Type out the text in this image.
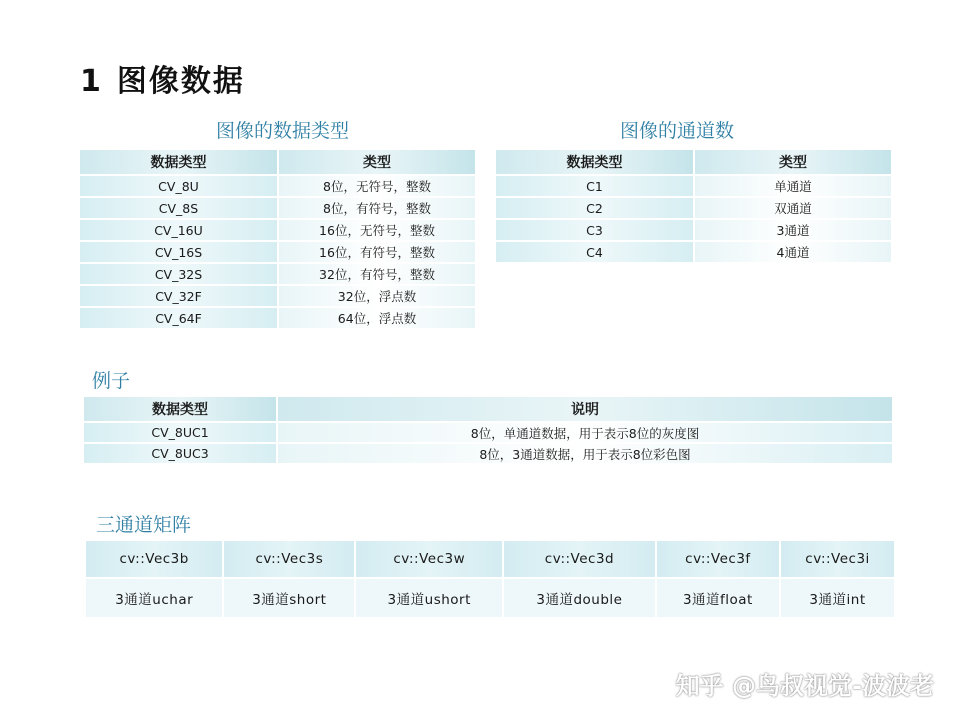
1 图像数据
图像的数据类型
数据类型	类型
CV_8U	8位，无符号，整数
CV_8S	8位，有符号，整数
CV_16U	16位，无符号，整数
CV_16S	16位，有符号，整数
CV_32S	32位，有符号，整数
CV_32F	32位，浮点数
CV_64F	64位，浮点数
图像的通道数
数据类型	类型
C1	单通道
C2	双通道
C3	3通道
C4	4通道
例子
数据类型	说明
CV_8UC1	8位，单通道数据，用于表示8位的灰度图
CV_8UC3	8位，3通道数据，用于表示8位彩色图
三通道矩阵
cv::Vec3b	cv::Vec3s	cv::Vec3w	cv::Vec3d	cv::Vec3f	cv::Vec3i
3通道uchar	3通道short	3通道ushort	3通道double	3通道float	3通道int
知乎 @鸟叔视觉-波波老
